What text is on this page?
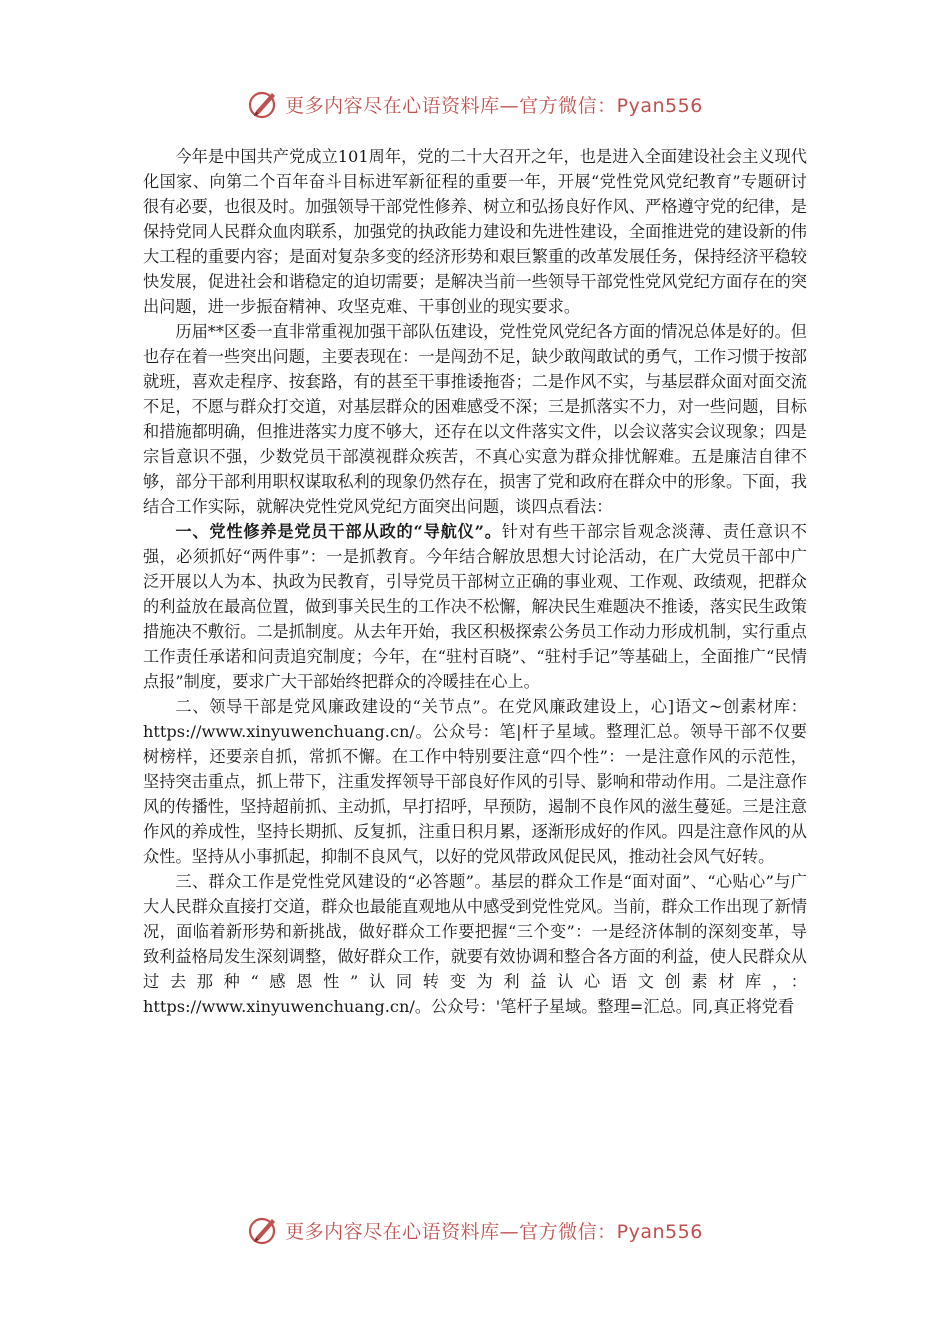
更多内容尽在心语资料库—官方微信：Pyan556

今年是中国共产党成立101周年，党的二十大召开之年，也是进入全面建设社会主义现代化国家、向第二个百年奋斗目标进军新征程的重要一年，开展“党性党风党纪教育”专题研讨很有必要，也很及时。加强领导干部党性修养、树立和弘扬良好作风、严格遵守党的纪律，是保持党同人民群众血肉联系，加强党的执政能力建设和先进性建设，全面推进党的建设新的伟大工程的重要内容；是面对复杂多变的经济形势和艰巨繁重的改革发展任务，保持经济平稳较快发展，促进社会和谐稳定的迫切需要；是解决当前一些领导干部党性党风党纪方面存在的突出问题，进一步振奋精神、攻坚克难、干事创业的现实要求。

历届**区委一直非常重视加强干部队伍建设，党性党风党纪各方面的情况总体是好的。但也存在着一些突出问题，主要表现在：一是闯劲不足，缺少敢闯敢试的勇气，工作习惯于按部就班，喜欢走程序、按套路，有的甚至干事推诿拖沓；二是作风不实，与基层群众面对面交流不足，不愿与群众打交道，对基层群众的困难感受不深；三是抓落实不力，对一些问题，目标和措施都明确，但推进落实力度不够大，还存在以文件落实文件，以会议落实会议现象；四是宗旨意识不强，少数党员干部漠视群众疾苦，不真心实意为群众排忧解难。五是廉洁自律不够，部分干部利用职权谋取私利的现象仍然存在，损害了党和政府在群众中的形象。下面，我结合工作实际，就解决党性党风党纪方面突出问题，谈四点看法：

一、党性修养是党员干部从政的“导航仪”。针对有些干部宗旨观念淡薄、责任意识不强，必须抓好“两件事”：一是抓教育。今年结合解放思想大讨论活动，在广大党员干部中广泛开展以人为本、执政为民教育，引导党员干部树立正确的事业观、工作观、政绩观，把群众的利益放在最高位置，做到事关民生的工作决不松懈，解决民生难题决不推诿，落实民生政策措施决不敷衍。二是抓制度。从去年开始，我区积极探索公务员工作动力形成机制，实行重点工作责任承诺和问责追究制度；今年，在“驻村百晓”、“驻村手记”等基础上，全面推广“民情点报”制度，要求广大干部始终把群众的冷暖挂在心上。

二、领导干部是党风廉政建设的“关节点”。在党风廉政建设上，心]语文~创素材库：https://www.xinyuwenchuang.cn/。公众号：笔|杆子星域。整理汇总。领导干部不仅要树榜样，还要亲自抓，常抓不懈。在工作中特别要注意“四个性”：一是注意作风的示范性，坚持突击重点，抓上带下，注重发挥领导干部良好作风的引导、影响和带动作用。二是注意作风的传播性，坚持超前抓、主动抓，早打招呼，早预防，遏制不良作风的滋生蔓延。三是注意作风的养成性，坚持长期抓、反复抓，注重日积月累，逐渐形成好的作风。四是注意作风的从众性。坚持从小事抓起，抑制不良风气，以好的党风带政风促民风，推动社会风气好转。

三、群众工作是党性党风建设的“必答题”。基层的群众工作是“面对面”、“心贴心”与广大人民群众直接打交道，群众也最能直观地从中感受到党性党风。当前，群众工作出现了新情况，面临着新形势和新挑战，做好群众工作要把握“三个变”：一是经济体制的深刻变革，导致利益格局发生深刻调整，做好群众工作，就要有效协调和整合各方面的利益，使人民群众从过去那种“感恩性”认同转变为利益认心语文创素材库，：https://www.xinyuwenchuang.cn/。公众号：'笔杆子星域。整理=汇总。同,真正将党看

更多内容尽在心语资料库—官方微信：Pyan556
